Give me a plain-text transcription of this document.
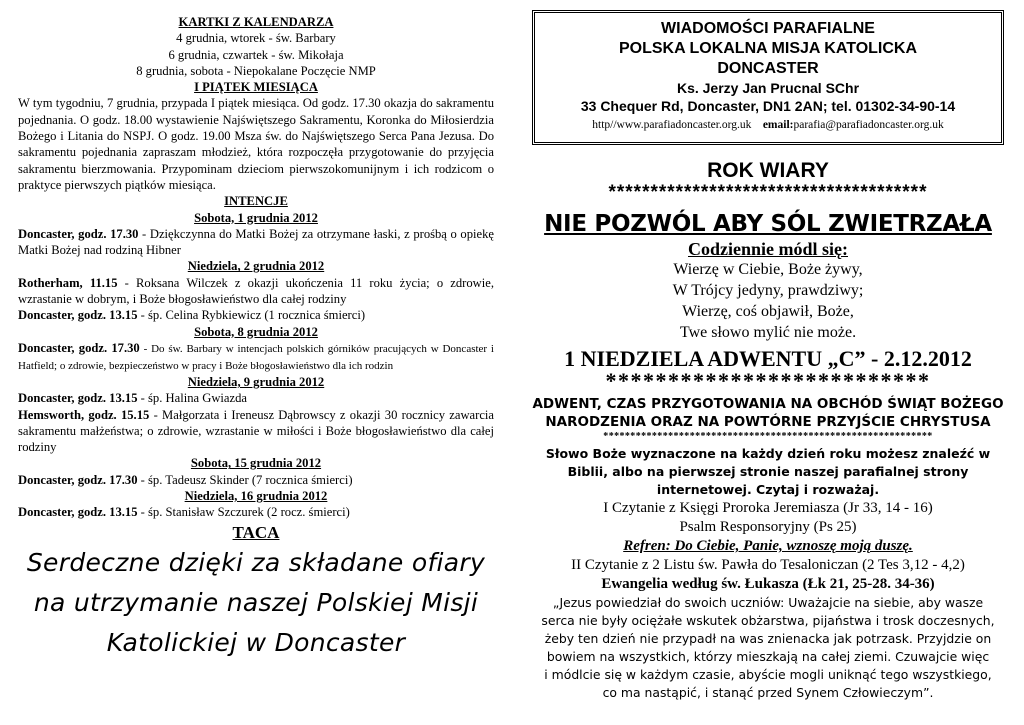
KARTKI Z KALENDARZA
4 grudnia, wtorek - św. Barbary
6 grudnia, czwartek - św. Mikołaja
8 grudnia, sobota - Niepokalane Poczęcie NMP
I PIĄTEK MIESIĄCA
W tym tygodniu, 7 grudnia, przypada I piątek miesiąca. Od godz. 17.30 okazja do sakramentu pojednania. O godz. 18.00 wystawienie Najświętszego Sakramentu, Koronka do Miłosierdzia Bożego i Litania do NSPJ. O godz. 19.00 Msza św. do Najświętszego Serca Pana Jezusa. Do sakramentu pojednania zapraszam młodzież, która rozpoczęła przygotowanie do przyjęcia sakramentu bierzmowania. Przypominam dzieciom pierwszokomunijnym i ich rodzicom o praktyce pierwszych piątków miesiąca.
INTENCJE
Sobota, 1 grudnia 2012
Doncaster, godz. 17.30 - Dziękczynna do Matki Bożej za otrzymane łaski, z prośbą o opiekę Matki Bożej nad rodziną Hibner
Niedziela, 2 grudnia 2012
Rotherham, 11.15 - Roksana Wilczek z okazji ukończenia 11 roku życia; o zdrowie, wzrastanie w dobrym, i Boże błogosławieństwo dla całej rodziny
Doncaster, godz. 13.15 - śp. Celina Rybkiewicz (1 rocznica śmierci)
Sobota, 8 grudnia 2012
Doncaster, godz. 17.30 - Do św. Barbary w intencjach polskich górników pracujących w Doncaster i Hatfield; o zdrowie, bezpieczeństwo w pracy i Boże błogosławieństwo dla ich rodzin
Niedziela, 9 grudnia 2012
Doncaster, godz. 13.15 - śp. Halina Gwiazda
Hemsworth, godz. 15.15 - Małgorzata i Ireneusz Dąbrowscy z okazji 30 rocznicy zawarcia sakramentu małżeństwa; o zdrowie, wzrastanie w miłości i Boże błogosławieństwo dla całej rodziny
Sobota, 15 grudnia 2012
Doncaster, godz. 17.30 - śp. Tadeusz Skinder (7 rocznica śmierci)
Niedziela, 16 grudnia 2012
Doncaster, godz. 13.15 - śp. Stanisław Szczurek (2 rocz. śmierci)
TACA
Serdeczne dzięki za składane ofiary
na utrzymanie naszej Polskiej Misji
Katolickiej w Doncaster
WIADOMOŚCI PARAFIALNE
POLSKA LOKALNA MISJA KATOLICKA
DONCASTER
Ks. Jerzy Jan Prucnal SChr
33 Chequer Rd, Doncaster, DN1 2AN; tel. 01302-34-90-14
http//www.parafiadoncaster.org.uk email:parafia@parafiadoncaster.org.uk
ROK WIARY
**************************************
NIE POZWÓL ABY SÓL ZWIETRZAŁA
Codziennie módl się:
Wierzę w Ciebie, Boże żywy,
W Trójcy jedyny, prawdziwy;
Wierzę, coś objawił, Boże,
Twe słowo mylić nie może.
1 NIEDZIELA ADWENTU „C” - 2.12.2012
**************************
ADWENT, CZAS PRZYGOTOWANIA NA OBCHÓD ŚWIĄT BOŻEGO
NARODZENIA ORAZ NA POWTÓRNE PRZYJŚCIE CHRYSTUSA
*************************************************************
Słowo Boże wyznaczone na każdy dzień roku możesz znaleźć w
Biblii, albo na pierwszej stronie naszej parafialnej strony
internetowej. Czytaj i rozważaj.
I Czytanie z Księgi Proroka Jeremiasza (Jr 33, 14 - 16)
Psalm Responsoryjny (Ps 25)
Refren: Do Ciebie, Panie, wznoszę moją duszę.
II Czytanie z 2 Listu św. Pawła do Tesaloniczan (2 Tes 3,12 - 4,2)
Ewangelia według św. Łukasza (Łk 21, 25-28. 34-36)
„Jezus powiedział do swoich uczniów: Uważajcie na siebie, aby wasze
serca nie były ociężałe wskutek obżarstwa, pijaństwa i trosk doczesnych,
żeby ten dzień nie przypadł na was znienacka jak potrzask. Przyjdzie on
bowiem na wszystkich, którzy mieszkają na całej ziemi. Czuwajcie więc
i módlcie się w każdym czasie, abyście mogli uniknąć tego wszystkiego,
co ma nastąpić, i stanąć przed Synem Człowieczym”.
